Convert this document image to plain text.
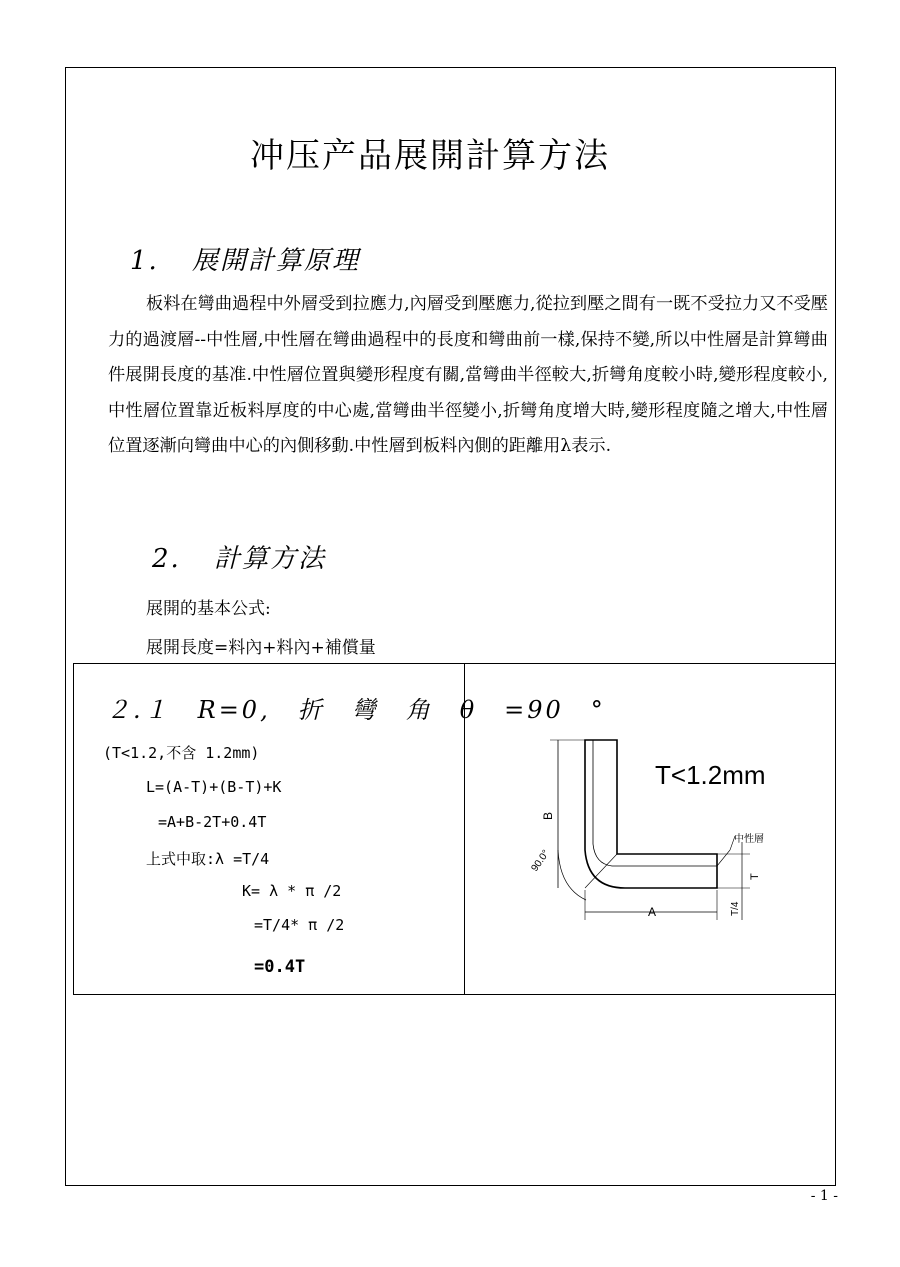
冲压产品展開計算方法
1. 展開計算原理
板料在彎曲過程中外層受到拉應力,內層受到壓應力,從拉到壓之間有一既不受拉力又不受壓力的過渡層--中性層,中性層在彎曲過程中的長度和彎曲前一樣,保持不變,所以中性層是計算彎曲件展開長度的基准.中性層位置與變形程度有關,當彎曲半徑較大,折彎角度較小時,變形程度較小,中性層位置靠近板料厚度的中心處,當彎曲半徑變小,折彎角度增大時,變形程度隨之增大,中性層位置逐漸向彎曲中心的內側移動.中性層到板料內側的距離用λ表示.
2. 計算方法
展開的基本公式:
展開長度=料內+料內+補償量
２.１　R=0,　折　彎　角　θ　=90　°
(T<1.2,不含 1.2mm)
L=(A-T)+(B-T)+K
=A+B-2T+0.4T
上式中取:λ =T/4
K= λ * π /2
=T/4* π /2
=0.4T
T<1.2mm
B
A
90.0°
中性層
T
T/4
- 1 -
